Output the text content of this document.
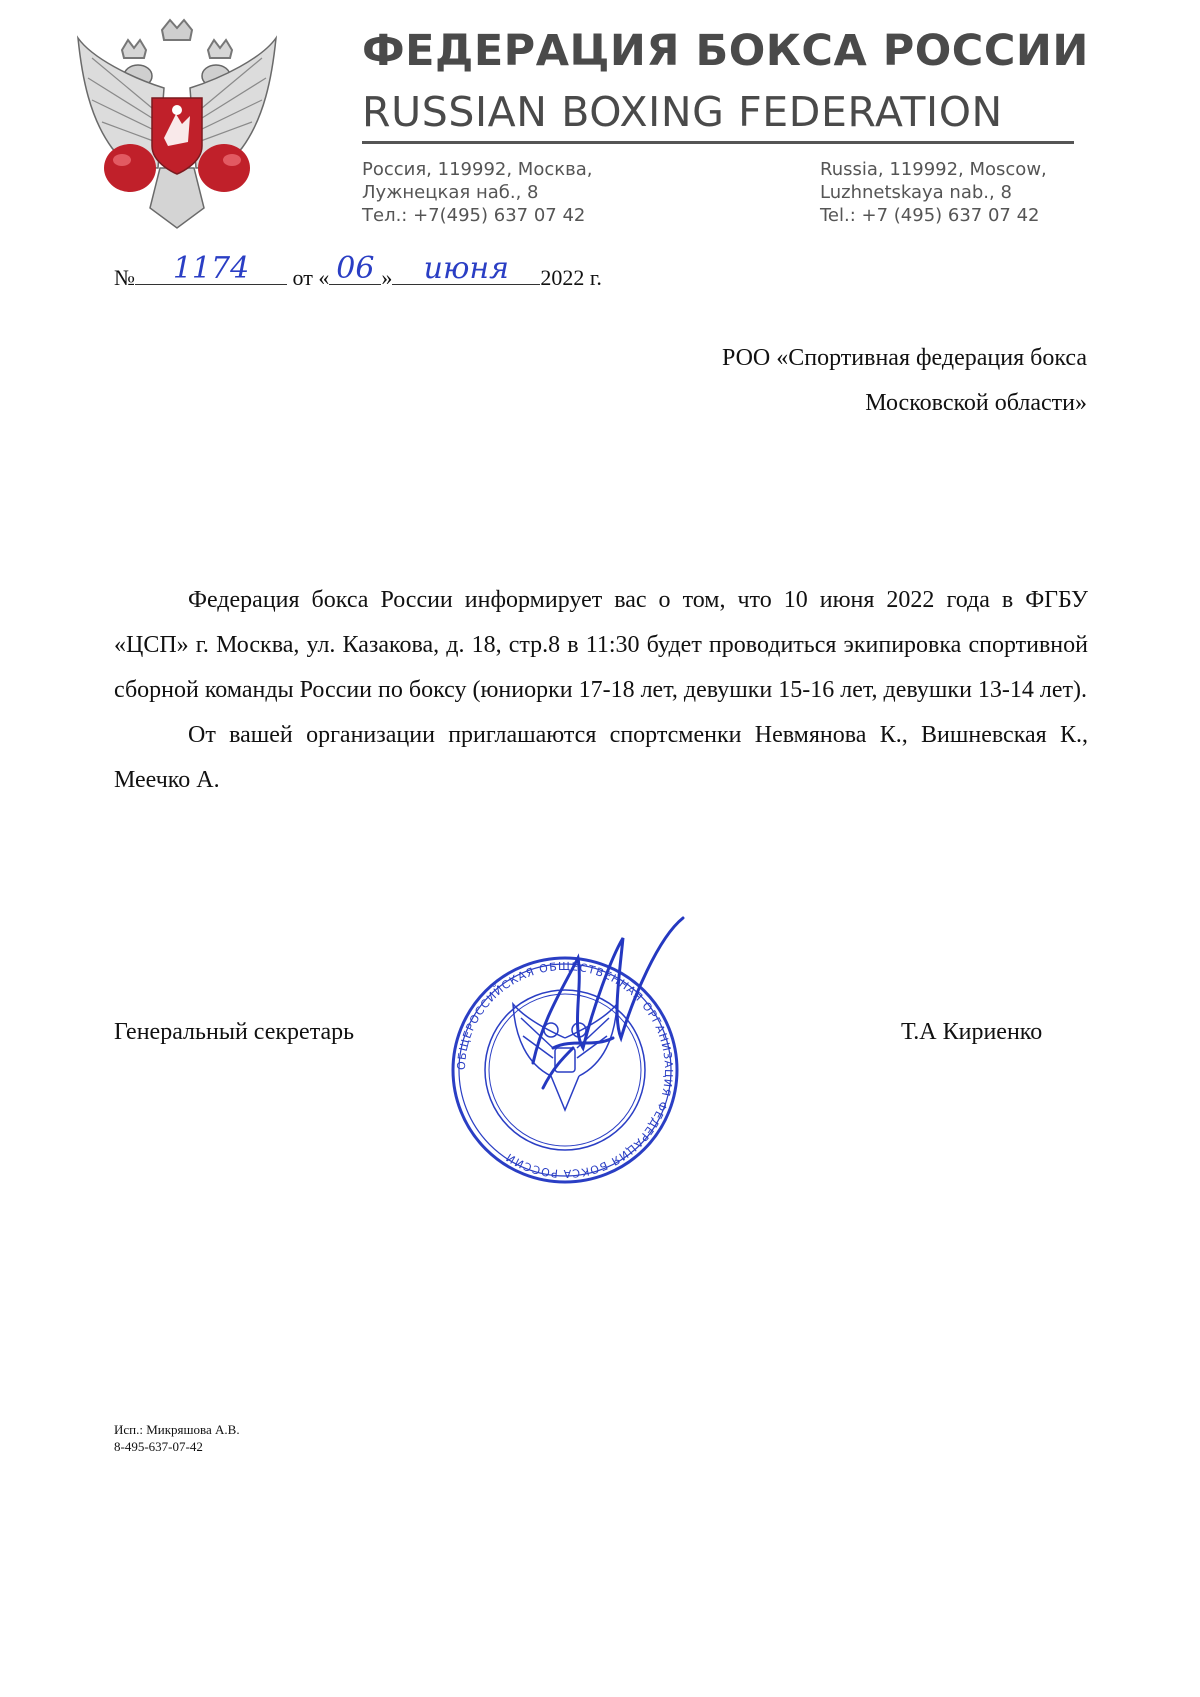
ФЕДЕРАЦИЯ БОКСА РОССИИ
RUSSIAN BOXING FEDERATION
Россия, 119992, Москва,
Лужнецкая наб., 8
Тел.: +7(495) 637 07 42
Russia, 119992, Moscow,
Luzhnetskaya nab., 8
Tel.: +7 (495) 637 07 42
№	1174	от « 06 »	июня	2022 г.
РОО «Спортивная федерация бокса
Московской области»

Федерация бокса России информирует вас о том, что 10 июня 2022 года в ФГБУ «ЦСП» г. Москва, ул. Казакова, д. 18, стр.8 в 11:30 будет проводиться экипировка спортивной сборной команды России по боксу (юниорки 17-18 лет, девушки 15-16 лет, девушки 13-14 лет).

От вашей организации приглашаются спортсменки Невмянова К., Вишневская К., Меечко А.

Генеральный секретарь	Т.А Кириенко
ОБЩЕРОССИЙСКАЯ ОБЩЕСТВЕННАЯ ОРГАНИЗАЦИЯ ФЕДЕРАЦИЯ БОКСА РОССИИ
Исп.: Микряшова А.В.
8-495-637-07-42
